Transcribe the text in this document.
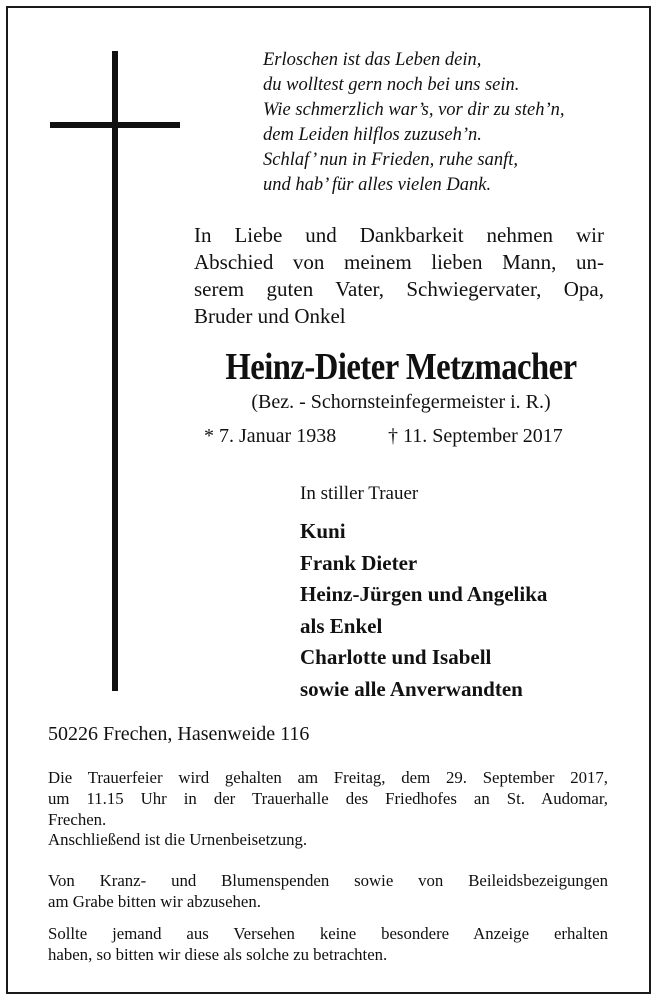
Erloschen ist das Leben dein,
du wolltest gern noch bei uns sein.
Wie schmerzlich war’s, vor dir zu steh’n,
dem Leiden hilflos zuzuseh’n.
Schlaf’ nun in Frieden, ruhe sanft,
und hab’ für alles vielen Dank.
In Liebe und Dankbarkeit nehmen wir
Abschied von meinem lieben Mann, un-
serem guten Vater, Schwiegervater, Opa,
Bruder und Onkel
Heinz-Dieter Metzmacher
(Bez. - Schornsteinfegermeister i. R.)
* 7. Januar 1938	† 11. September 2017
In stiller Trauer
Kuni
Frank Dieter
Heinz-Jürgen und Angelika
als Enkel
Charlotte und Isabell
sowie alle Anverwandten
50226 Frechen, Hasenweide 116
Die Trauerfeier wird gehalten am Freitag, dem 29. September 2017,
um 11.15 Uhr in der Trauerhalle des Friedhofes an St. Audomar,
Frechen.
Anschließend ist die Urnenbeisetzung.
Von Kranz- und Blumenspenden sowie von Beileidsbezeigungen
am Grabe bitten wir abzusehen.
Sollte jemand aus Versehen keine besondere Anzeige erhalten
haben, so bitten wir diese als solche zu betrachten.
